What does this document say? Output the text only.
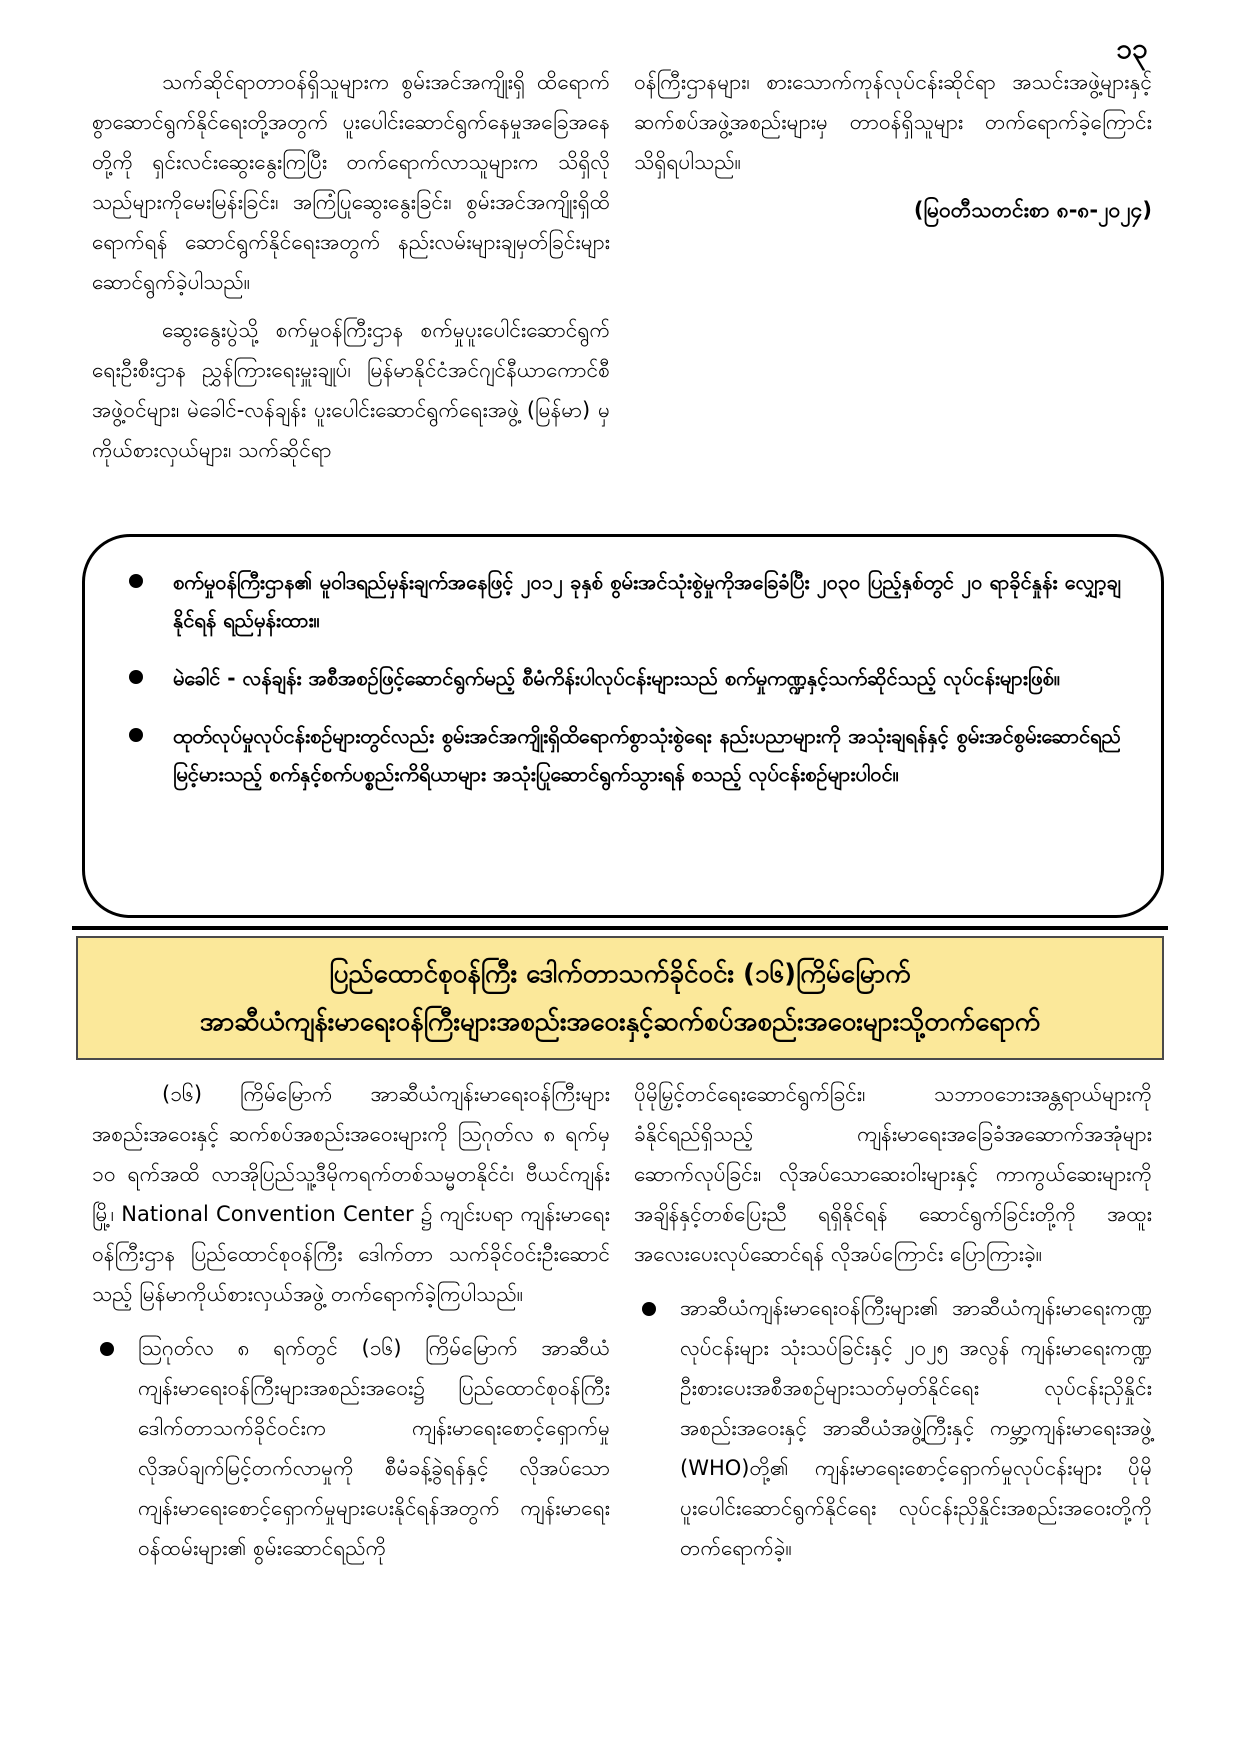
၁၃

သက်ဆိုင်ရာတာဝန်ရှိသူများက စွမ်းအင်အကျိုးရှိ ထိရောက်စွာဆောင်ရွက်နိုင်ရေးတို့အတွက် ပူးပေါင်းဆောင်ရွက်နေမှုအခြေအနေတို့ကို ရှင်းလင်းဆွေးနွေးကြပြီး တက်ရောက်လာသူများက သိရှိလိုသည်များကိုမေးမြန်းခြင်း၊ အကြံပြုဆွေးနွေးခြင်း၊ စွမ်းအင်အကျိုးရှိထိရောက်ရန် ဆောင်ရွက်နိုင်ရေးအတွက် နည်းလမ်းများချမှတ်ခြင်းများ ဆောင်ရွက်ခဲ့ပါသည်။

ဆွေးနွေးပွဲသို့ စက်မှုဝန်ကြီးဌာန စက်မှုပူးပေါင်းဆောင်ရွက်ရေးဦးစီးဌာန ညွှန်ကြားရေးမှူးချုပ်၊ မြန်မာနိုင်ငံအင်ဂျင်နီယာကောင်စီအဖွဲ့ဝင်များ၊ မဲခေါင်-လန်ချန်း ပူးပေါင်းဆောင်ရွက်ရေးအဖွဲ့ (မြန်မာ) မှ ကိုယ်စားလှယ်များ၊ သက်ဆိုင်ရာ

ဝန်ကြီးဌာနများ၊ စားသောက်ကုန်လုပ်ငန်းဆိုင်ရာ အသင်းအဖွဲ့များနှင့် ဆက်စပ်အဖွဲ့အစည်းများမှ တာဝန်ရှိသူများ တက်ရောက်ခဲ့ကြောင်း သိရှိရပါသည်။

(မြဝတီသတင်းစာ ၈-၈-၂၀၂၄)
စက်မှုဝန်ကြီးဌာန၏ မူဝါဒရည်မှန်းချက်အနေဖြင့် ၂၀၁၂ ခုနှစ် စွမ်းအင်သုံးစွဲမှုကိုအခြေခံပြီး ၂၀၃၀ ပြည့်နှစ်တွင် ၂၀ ရာခိုင်နှုန်း လျှော့ချနိုင်ရန် ရည်မှန်းထား။
မဲခေါင် - လန်ချန်း အစီအစဉ်ဖြင့်ဆောင်ရွက်မည့် စီမံကိန်းပါလုပ်ငန်းများသည် စက်မှုကဏ္ဍနှင့်သက်ဆိုင်သည့် လုပ်ငန်းများဖြစ်။
ထုတ်လုပ်မှုလုပ်ငန်းစဉ်များတွင်လည်း စွမ်းအင်အကျိုးရှိထိရောက်စွာသုံးစွဲရေး နည်းပညာများကို အသုံးချရန်နှင့် စွမ်းအင်စွမ်းဆောင်ရည် မြင့်မားသည့် စက်နှင့်စက်ပစ္စည်းကိရိယာများ အသုံးပြုဆောင်ရွက်သွားရန် စသည့် လုပ်ငန်းစဉ်များပါဝင်။
ပြည်ထောင်စုဝန်ကြီး ဒေါက်တာသက်ခိုင်ဝင်း (၁၆)ကြိမ်မြောက်
အာဆီယံကျန်းမာရေးဝန်ကြီးများအစည်းအဝေးနှင့်ဆက်စပ်အစည်းအဝေးများသို့တက်ရောက်

(၁၆) ကြိမ်မြောက် အာဆီယံကျန်းမာရေးဝန်ကြီးများအစည်းအဝေးနှင့် ဆက်စပ်အစည်းအဝေးများကို ဩဂုတ်လ ၈ ရက်မှ ၁၀ ရက်အထိ လာအိုပြည်သူ့ဒီမိုကရက်တစ်သမ္မတနိုင်ငံ၊ ဗီယင်ကျန်းမြို့၊ National Convention Center ၌ ကျင်းပရာ ကျန်းမာရေးဝန်ကြီးဌာန ပြည်ထောင်စုဝန်ကြီး ဒေါက်တာ သက်ခိုင်ဝင်းဦးဆောင်သည့် မြန်မာကိုယ်စားလှယ်အဖွဲ့ တက်ရောက်ခဲ့ကြပါသည်။

ဩဂုတ်လ ၈ ရက်တွင် (၁၆) ကြိမ်မြောက် အာဆီယံကျန်းမာရေးဝန်ကြီးများအစည်းအဝေး၌ ပြည်ထောင်စုဝန်ကြီး ဒေါက်တာသက်ခိုင်ဝင်းက ကျန်းမာရေးစောင့်ရှောက်မှုလိုအပ်ချက်မြင့်တက်လာမှုကို စီမံခန့်ခွဲရန်နှင့် လိုအပ်သော ကျန်းမာရေးစောင့်ရှောက်မှုများပေးနိုင်ရန်အတွက် ကျန်းမာရေးဝန်ထမ်းများ၏ စွမ်းဆောင်ရည်ကို

ပိုမိုမြှင့်တင်ရေးဆောင်ရွက်ခြင်း၊ သဘာဝဘေးအန္တရာယ်များကို ခံနိုင်ရည်ရှိသည့် ကျန်းမာရေးအခြေခံအဆောက်အအုံများ ဆောက်လုပ်ခြင်း၊ လိုအပ်သောဆေးဝါးများနှင့် ကာကွယ်ဆေးများကို အချိန်နှင့်တစ်ပြေးညီ ရရှိနိုင်ရန် ဆောင်ရွက်ခြင်းတို့ကို အထူးအလေးပေးလုပ်ဆောင်ရန် လိုအပ်ကြောင်း ပြောကြားခဲ့။

အာဆီယံကျန်းမာရေးဝန်ကြီးများ၏ အာဆီယံကျန်းမာရေးကဏ္ဍလုပ်ငန်းများ သုံးသပ်ခြင်းနှင့် ၂၀၂၅ အလွန် ကျန်းမာရေးကဏ္ဍ ဦးစားပေးအစီအစဉ်များသတ်မှတ်နိုင်ရေး လုပ်ငန်းညှိနှိုင်းအစည်းအဝေးနှင့် အာဆီယံအဖွဲ့ကြီးနှင့် ကမ္ဘာ့ကျန်းမာရေးအဖွဲ့ (WHO)တို့၏ ကျန်းမာရေးစောင့်ရှောက်မှုလုပ်ငန်းများ ပိုမိုပူးပေါင်းဆောင်ရွက်နိုင်ရေး လုပ်ငန်းညှိနှိုင်းအစည်းအဝေးတို့ကို တက်ရောက်ခဲ့။
